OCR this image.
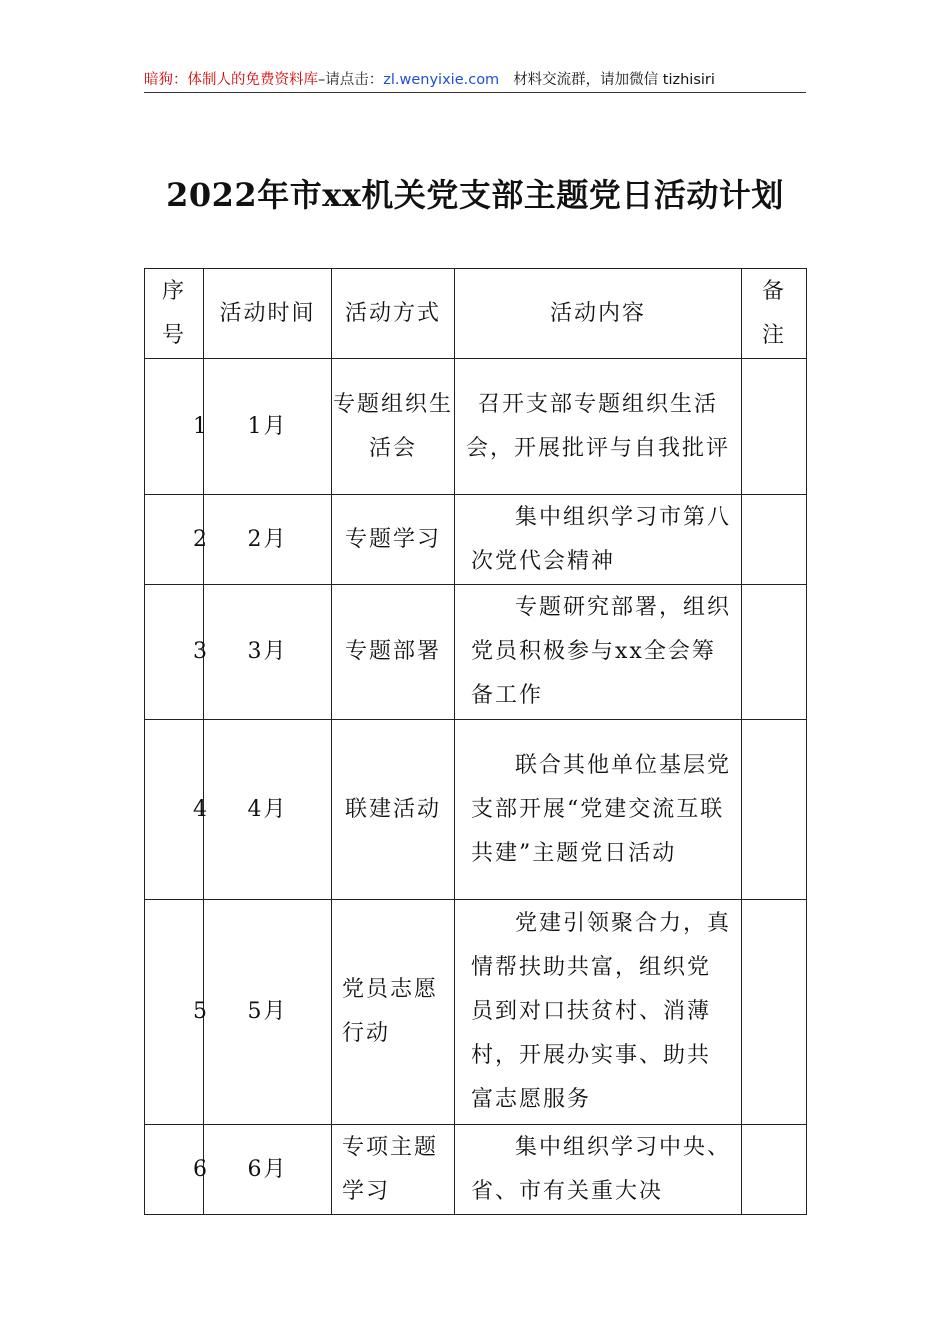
暗狗：体制人的免费资料库–请点击：zl.wenyixie.com 材料交流群，请加微信 tizhisiri
2022年市xx机关党支部主题党日活动计划
序号	活动时间	活动方式	活动内容	备注
1	1月	专题组织生活会	召开支部专题组织生活会，开展批评与自我批评	
2	2月	专题学习	集中组织学习市第八次党代会精神	
3	3月	专题部署	专题研究部署，组织党员积极参与xx全会筹备工作	
4	4月	联建活动	联合其他单位基层党支部开展“党建交流互联共建”主题党日活动	
5	5月	党员志愿行动	党建引领聚合力，真情帮扶助共富，组织党员到对口扶贫村、消薄村，开展办实事、助共富志愿服务	
6	6月	专项主题学习	集中组织学习中央、省、市有关重大决	
